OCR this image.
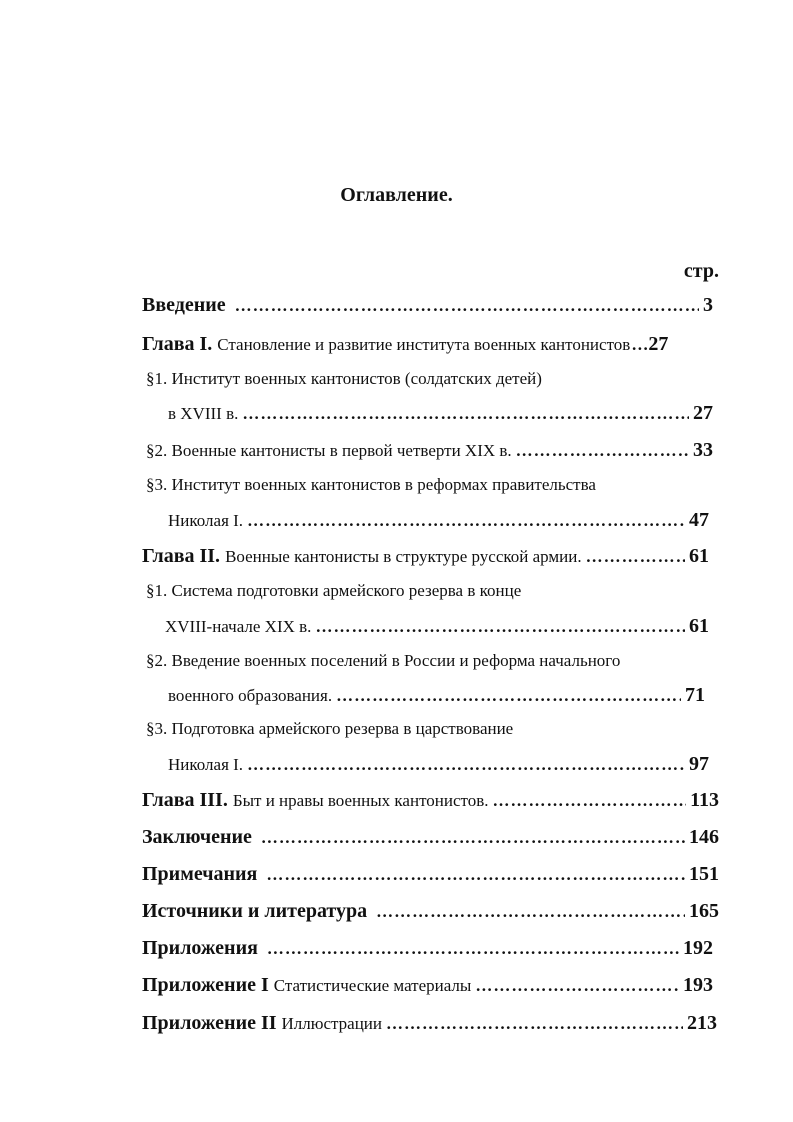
Оглавление.
стр.
Введение …………………………………………………………………………………………………………………………………………………………	3
Глава I. Становление и развитие института военных кантонистов ………………………………………………………………………………………………………………………………………………………… 27
§1. Институт военных кантонистов (солдатских детей)
в XVIII в. …………………………………………………………………………………………………………………………………………………………	27
§2. Военные кантонисты в первой четверти XIX в. …………………………………………………………………………………………………………………………………………………………	33
§3. Институт военных кантонистов в реформах правительства
Николая I. …………………………………………………………………………………………………………………………………………………………	47
Глава II. Военные кантонисты в структуре русской армии. …………………………………………………………………………………………………………………………………………………………	61
§1. Система подготовки армейского резерва в конце
XVIII-начале XIX в. …………………………………………………………………………………………………………………………………………………………	61
§2. Введение военных поселений в России и реформа начального
военного образования. …………………………………………………………………………………………………………………………………………………………	71
§3. Подготовка армейского резерва в царствование
Николая I. …………………………………………………………………………………………………………………………………………………………	97
Глава III. Быт и нравы военных кантонистов. …………………………………………………………………………………………………………………………………………………………	113
Заключение …………………………………………………………………………………………………………………………………………………………	146
Примечания …………………………………………………………………………………………………………………………………………………………	151
Источники и литература …………………………………………………………………………………………………………………………………………………………	165
Приложения …………………………………………………………………………………………………………………………………………………………	192
Приложение I Статистические материалы …………………………………………………………………………………………………………………………………………………………	193
Приложение II Иллюстрации …………………………………………………………………………………………………………………………………………………………	213
